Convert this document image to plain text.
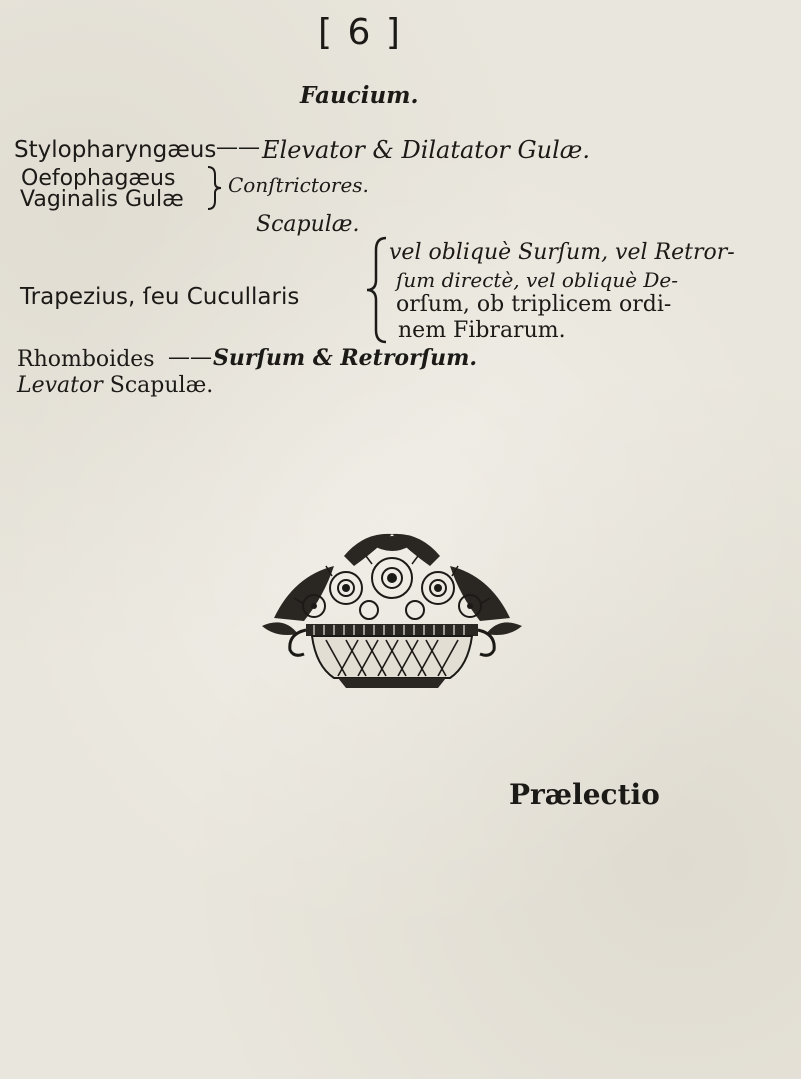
[ 6 ]
Faucium.
Stylopharyngæus —— Elevator & Dilatator Gulæ.
Oefophagæus
Vaginalis Gulæ
Conſtrictores.
Scapulæ.
Trapezius, ſeu Cucullaris
vel obliquè Surſum, vel Retror-
ſum directè, vel obliquè De-
orſum, ob triplicem ordi-
nem Fibrarum.
Rhomboides —— Surſum & Retrorſum.
Levator Scapulæ.
Prælectio
